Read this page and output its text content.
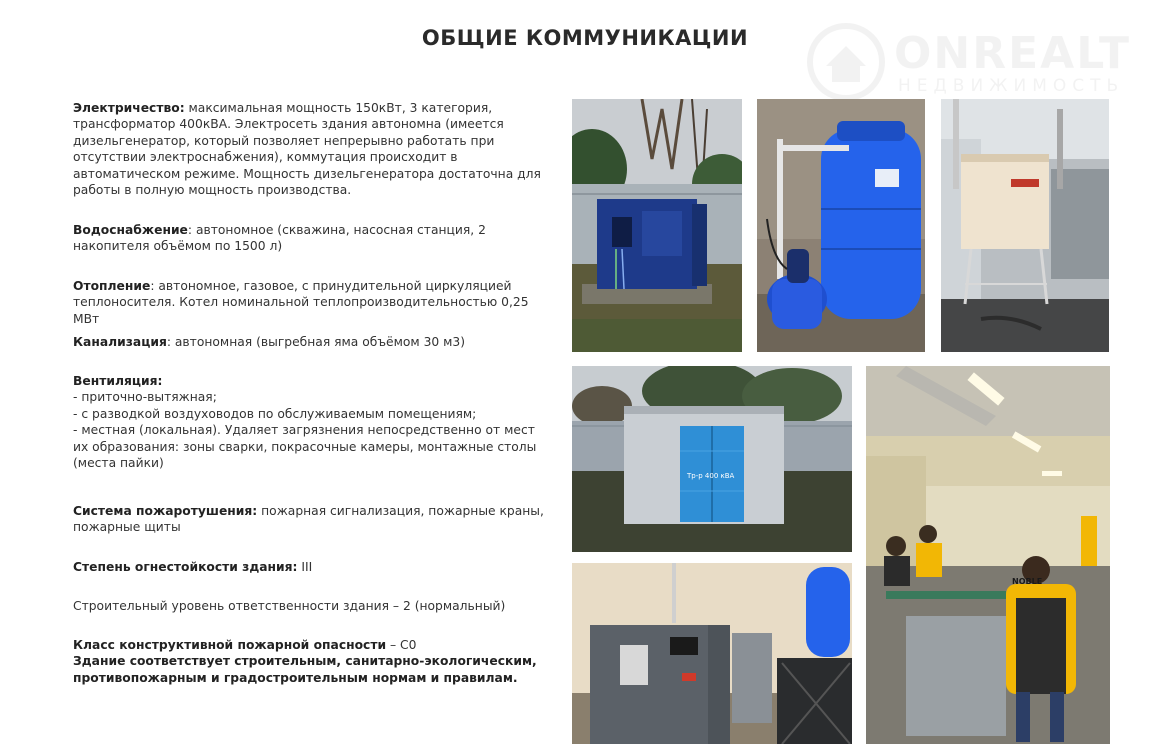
ОБЩИЕ КОММУНИКАЦИИ	ONREALT
НЕДВИЖИМОСТЬ
Электричество: максимальная мощность 150кВт, 3 категория, трансформатор 400кВА. Электросеть здания автономна (имеется дизельгенератор, который позволяет непрерывно работать при отсутствии электроснабжения), коммутация происходит в автоматическом режиме. Мощность дизельгенератора достаточна для работы в полную мощность производства.
Водоснабжение: автономное (скважина, насосная станция, 2 накопителя объёмом по 1500 л)
Отопление: автономное, газовое, с принудительной циркуляцией теплоносителя. Котел номинальной теплопроизводительностью 0,25 МВт
Канализация: автономная (выгребная яма объёмом 30 м3)
Вентиляция:
- приточно-вытяжная;
- с разводкой воздуховодов по обслуживаемым помещениям;
- местная (локальная). Удаляет загрязнения непосредственно от мест их образования: зоны сварки, покрасочные камеры, монтажные столы (места пайки)
Система пожаротушения: пожарная сигнализация, пожарные краны, пожарные щиты
Степень огнестойкости здания: III
Строительный уровень ответственности здания – 2 (нормальный)
Класс конструктивной пожарной опасности – С0
Здание соответствует строительным, санитарно-экологическим, противопожарным и градостроительным нормам и правилам.
Тр-р 400 кВА
NOBLE
